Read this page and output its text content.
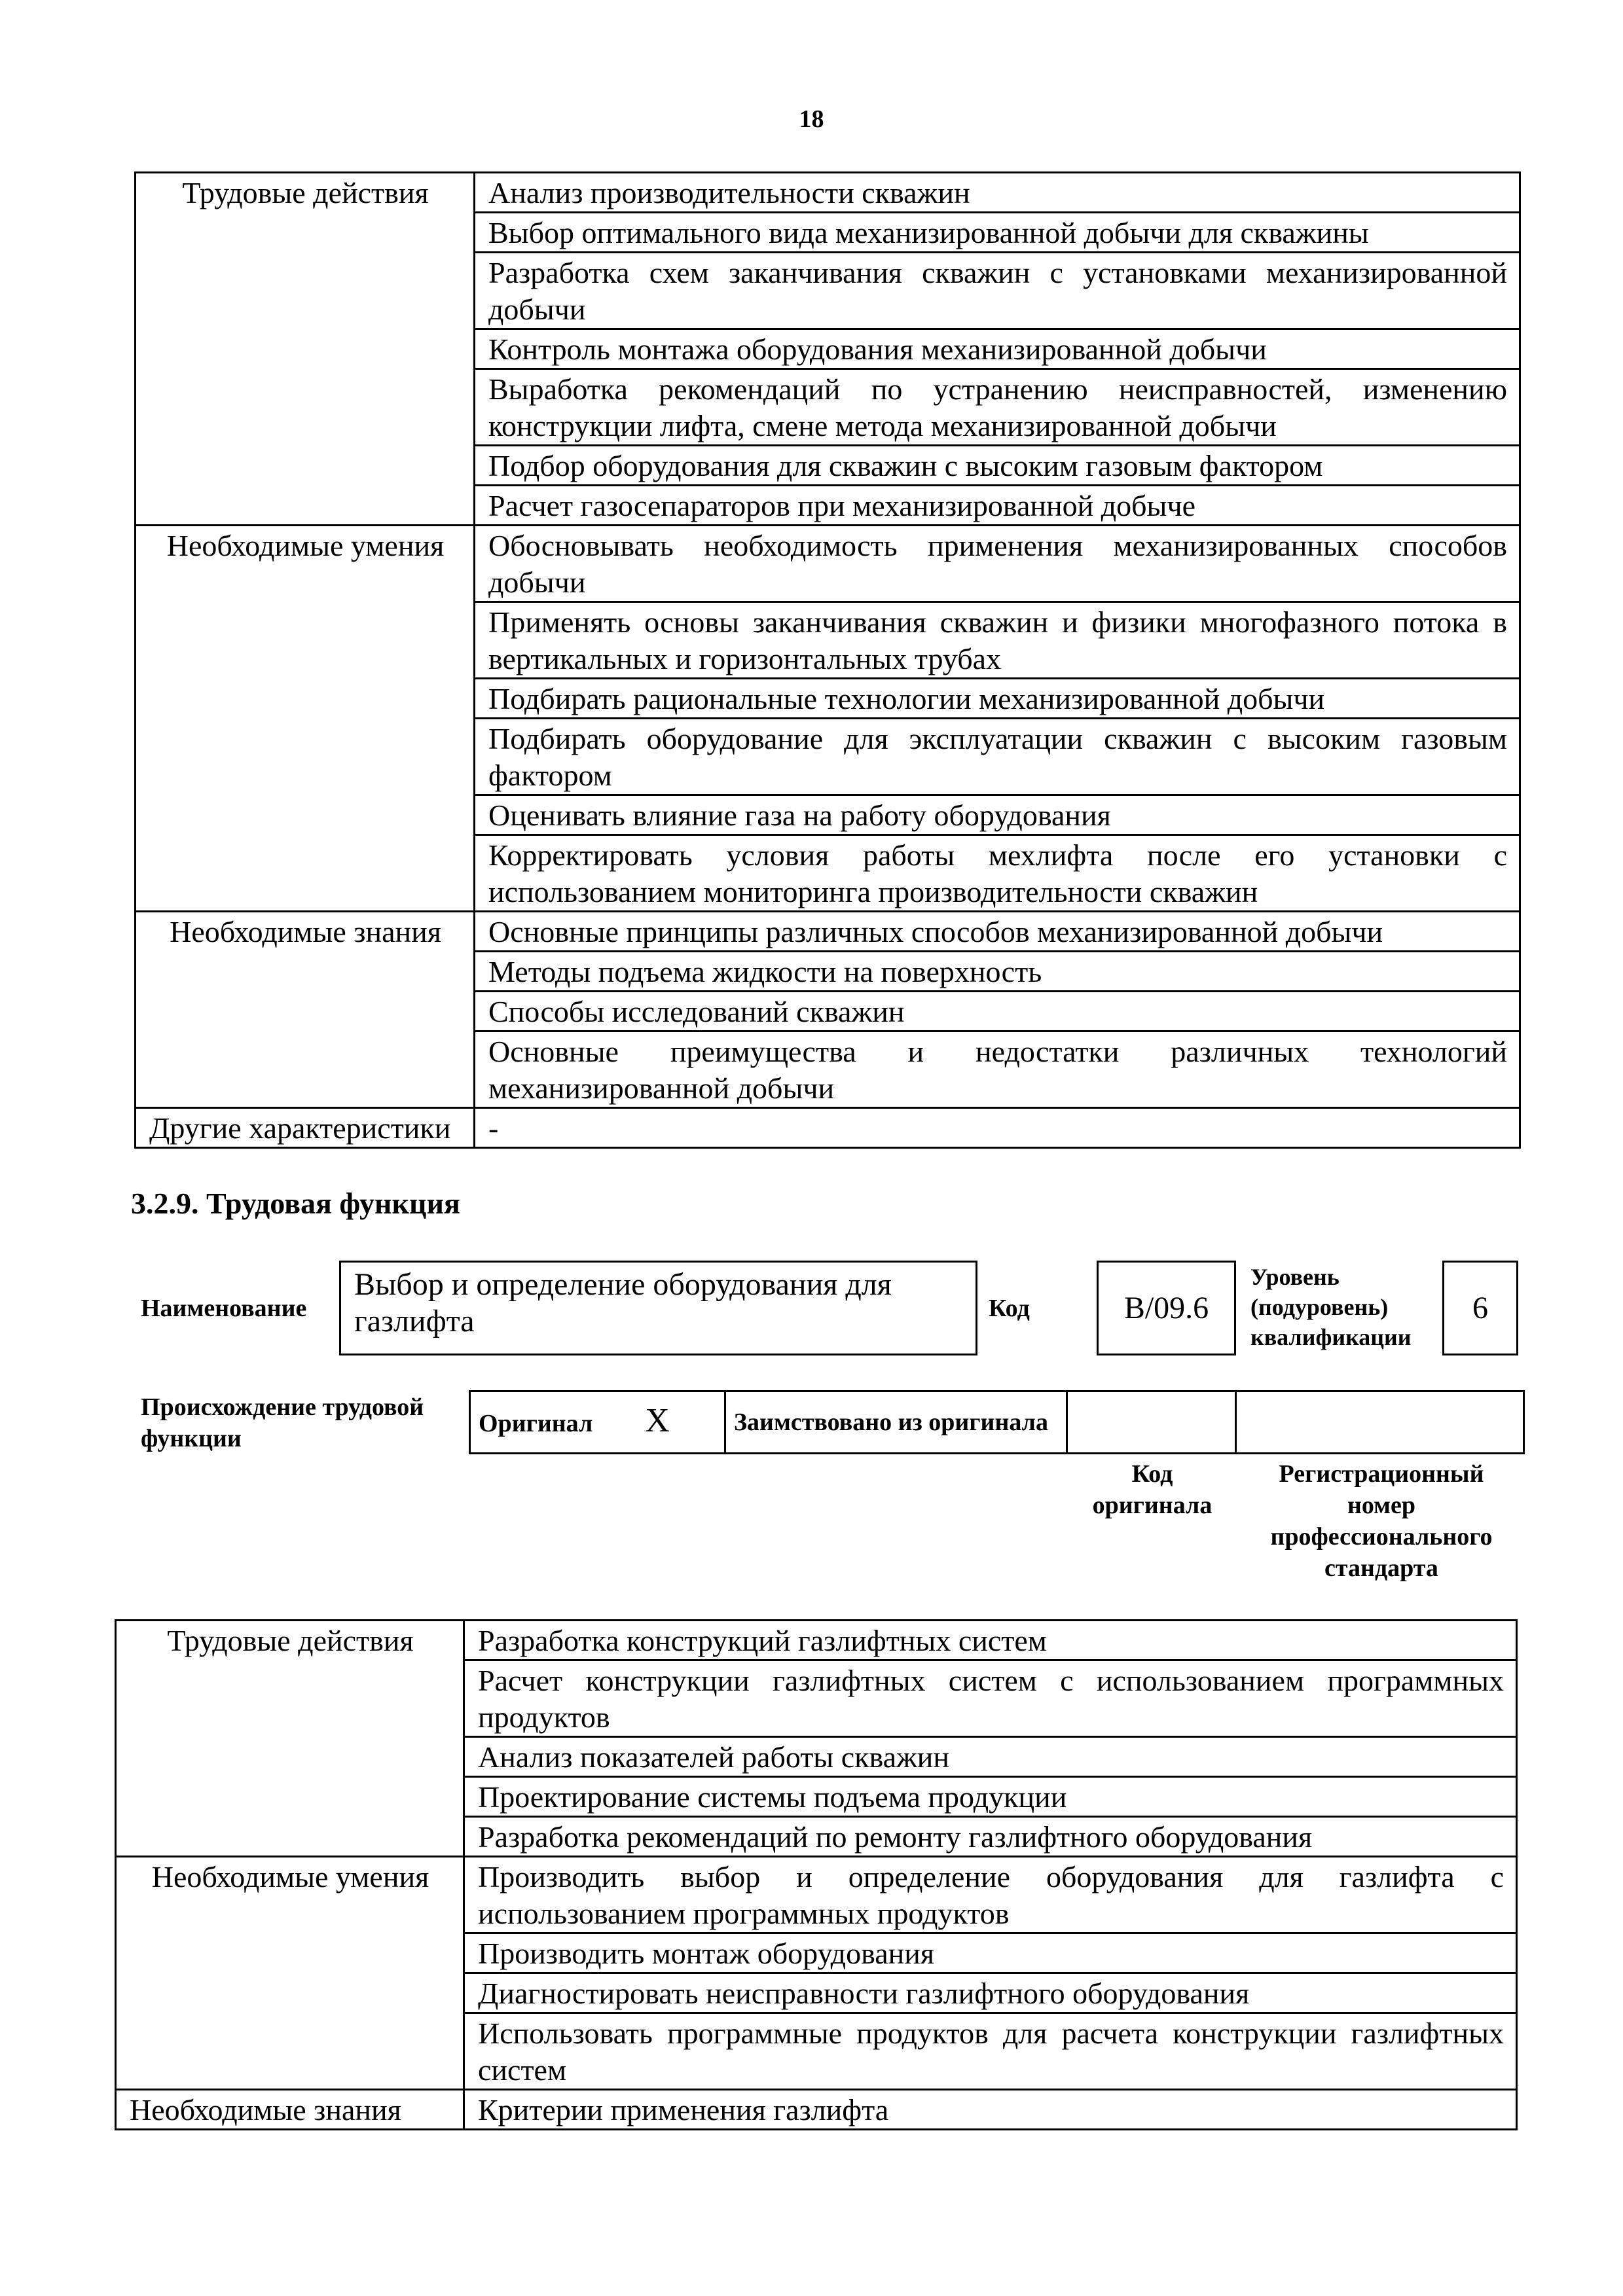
18
Трудовые действия	Анализ производительности скважин
	Выбор оптимального вида механизированной добычи для скважины
	Разработка схем заканчивания скважин с установками механизированной добычи
	Контроль монтажа оборудования механизированной добычи
	Выработка рекомендаций по устранению неисправностей, изменению конструкции лифта, смене метода механизированной добычи
	Подбор оборудования для скважин с высоким газовым фактором
	Расчет газосепараторов при механизированной добыче
Необходимые умения	Обосновывать необходимость применения механизированных способов добычи
	Применять основы заканчивания скважин и физики многофазного потока в вертикальных и горизонтальных трубах
	Подбирать рациональные технологии механизированной добычи
	Подбирать оборудование для эксплуатации скважин с высоким газовым фактором
	Оценивать влияние газа на работу оборудования
	Корректировать условия работы мехлифта после его установки с использованием мониторинга производительности скважин
Необходимые знания	Основные принципы различных способов механизированной добычи
	Методы подъема жидкости на поверхность
	Способы исследований скважин
	Основные преимущества и недостатки различных технологий механизированной добычи
Другие характеристики	-
3.2.9. Трудовая функция
Наименование
Выбор и определение оборудования для газлифта	Код	B/09.6
Уровень (подуровень) квалификации
6
Происхождение трудовой функции
Оригинал X	Заимствовано из оригинала		
Код оригинала
Регистрационный номер профессионального стандарта
Трудовые действия	Разработка конструкций газлифтных систем
	Расчет конструкции газлифтных систем с использованием программных продуктов
	Анализ показателей работы скважин
	Проектирование системы подъема продукции
	Разработка рекомендаций по ремонту газлифтного оборудования
Необходимые умения	Производить выбор и определение оборудования для газлифта с использованием программных продуктов
	Производить монтаж оборудования
	Диагностировать неисправности газлифтного оборудования
	Использовать программные продуктов для расчета конструкции газлифтных систем
Необходимые знания	Критерии применения газлифта
